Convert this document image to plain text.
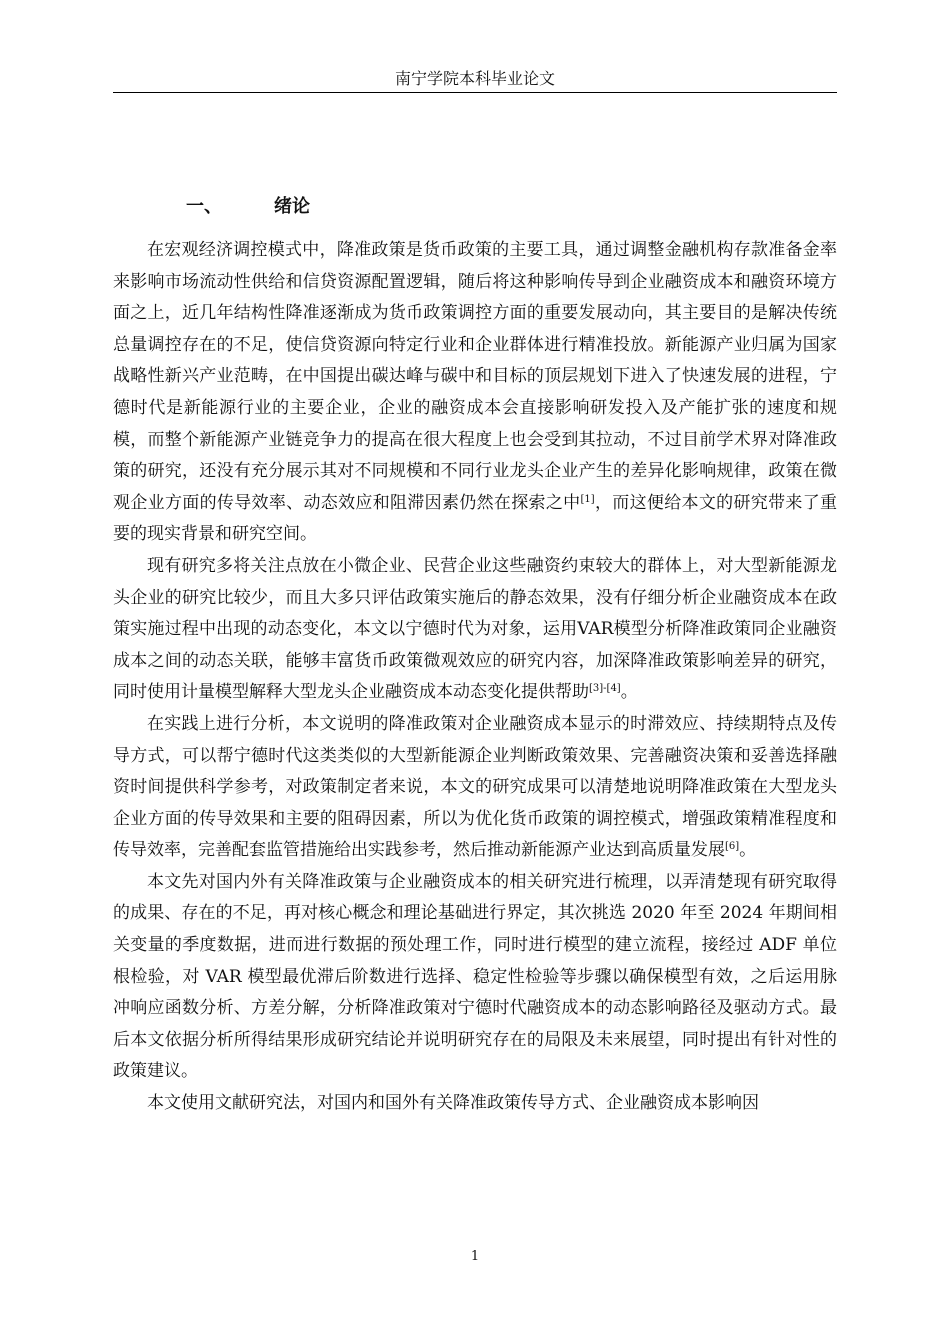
南宁学院本科毕业论文
一、	绪论

在宏观经济调控模式中，降准政策是货币政策的主要工具，通过调整金融机构存款准备金率来影响市场流动性供给和信贷资源配置逻辑，随后将这种影响传导到企业融资成本和融资环境方面之上，近几年结构性降准逐渐成为货币政策调控方面的重要发展动向，其主要目的是解决传统总量调控存在的不足，使信贷资源向特定行业和企业群体进行精准投放。新能源产业归属为国家战略性新兴产业范畴，在中国提出碳达峰与碳中和目标的顶层规划下进入了快速发展的进程，宁德时代是新能源行业的主要企业，企业的融资成本会直接影响研发投入及产能扩张的速度和规模，而整个新能源产业链竞争力的提高在很大程度上也会受到其拉动，不过目前学术界对降准政策的研究，还没有充分展示其对不同规模和不同行业龙头企业产生的差异化影响规律，政策在微观企业方面的传导效率、动态效应和阻滞因素仍然在探索之中[1]，而这便给本文的研究带来了重要的现实背景和研究空间。

现有研究多将关注点放在小微企业、民营企业这些融资约束较大的群体上，对大型新能源龙头企业的研究比较少，而且大多只评估政策实施后的静态效果，没有仔细分析企业融资成本在政策实施过程中出现的动态变化，本文以宁德时代为对象，运用VAR模型分析降准政策同企业融资成本之间的动态关联，能够丰富货币政策微观效应的研究内容，加深降准政策影响差异的研究，同时使用计量模型解释大型龙头企业融资成本动态变化提供帮助[3]-[4]。

在实践上进行分析，本文说明的降准政策对企业融资成本显示的时滞效应、持续期特点及传导方式，可以帮宁德时代这类类似的大型新能源企业判断政策效果、完善融资决策和妥善选择融资时间提供科学参考，对政策制定者来说，本文的研究成果可以清楚地说明降准政策在大型龙头企业方面的传导效果和主要的阻碍因素，所以为优化货币政策的调控模式，增强政策精准程度和传导效率，完善配套监管措施给出实践参考，然后推动新能源产业达到高质量发展[6]。

本文先对国内外有关降准政策与企业融资成本的相关研究进行梳理，以弄清楚现有研究取得的成果、存在的不足，再对核心概念和理论基础进行界定，其次挑选 2020 年至 2024 年期间相关变量的季度数据，进而进行数据的预处理工作，同时进行模型的建立流程，接经过 ADF 单位根检验，对 VAR 模型最优滞后阶数进行选择、稳定性检验等步骤以确保模型有效，之后运用脉冲响应函数分析、方差分解，分析降准政策对宁德时代融资成本的动态影响路径及驱动方式。最后本文依据分析所得结果形成研究结论并说明研究存在的局限及未来展望，同时提出有针对性的政策建议。

本文使用文献研究法，对国内和国外有关降准政策传导方式、企业融资成本影响因

1
